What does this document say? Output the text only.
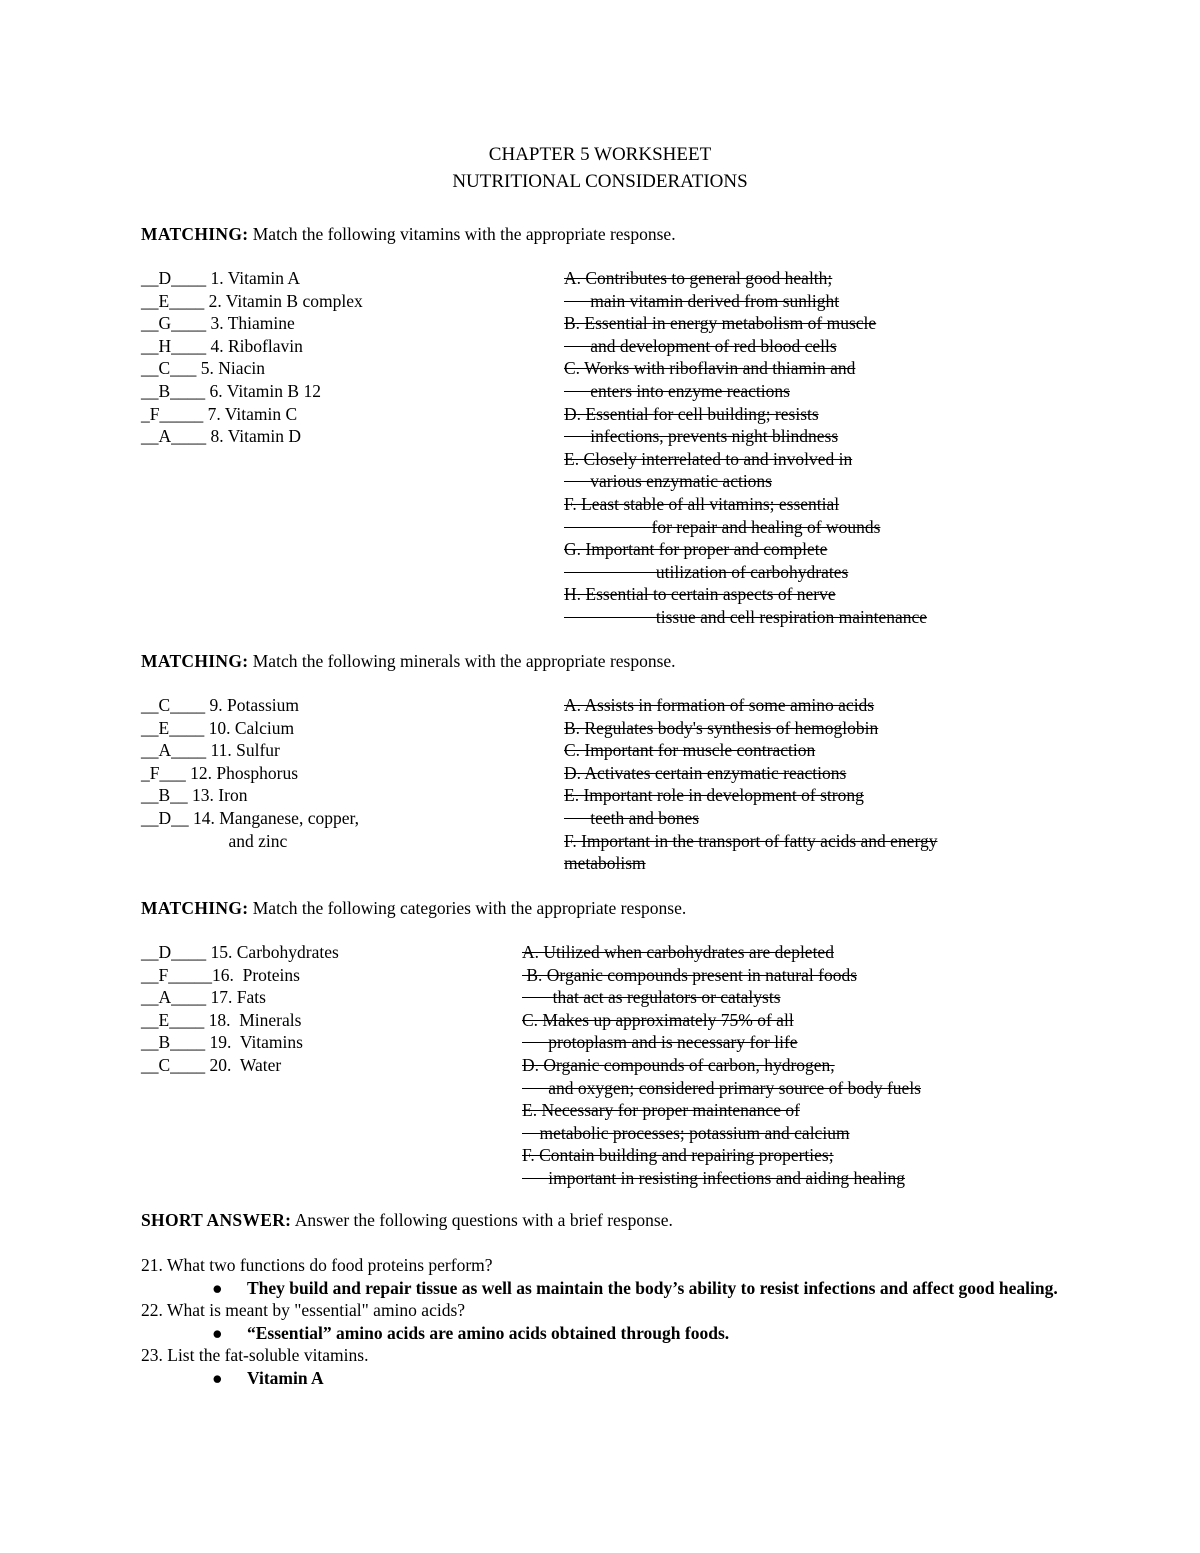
CHAPTER 5 WORKSHEET
NUTRITIONAL CONSIDERATIONS
MATCHING: Match the following vitamins with the appropriate response.
__D____ 1. Vitamin A
__E____ 2. Vitamin B complex
__G____ 3. Thiamine
__H____ 4. Riboflavin
__C___ 5. Niacin
__B____ 6. Vitamin B 12
_F_____ 7. Vitamin C
__A____ 8. Vitamin D
A. Contributes to general good health;
main vitamin derived from sunlight
B. Essential in energy metabolism of muscle
and development of red blood cells
C. Works with riboflavin and thiamin and
enters into enzyme reactions
D. Essential for cell building; resists
infections, prevents night blindness
E. Closely interrelated to and involved in
various enzymatic actions
F. Least stable of all vitamins; essential
for repair and healing of wounds
G. Important for proper and complete
utilization of carbohydrates
H. Essential to certain aspects of nerve
tissue and cell respiration maintenance
MATCHING: Match the following minerals with the appropriate response.
__C____ 9. Potassium
__E____ 10. Calcium
__A____ 11. Sulfur
_F___ 12. Phosphorus
__B__ 13. Iron
__D__ 14. Manganese, copper,
and zinc
A. Assists in formation of some amino acids
B. Regulates body's synthesis of hemoglobin
C. Important for muscle contraction
D. Activates certain enzymatic reactions
E. Important role in development of strong
teeth and bones
F. Important in the transport of fatty acids and energy
metabolism
MATCHING: Match the following categories with the appropriate response.
__D____ 15. Carbohydrates
__F_____16.  Proteins
__A____ 17. Fats
__E____ 18.  Minerals
__B____ 19.  Vitamins
__C____ 20.  Water
A. Utilized when carbohydrates are depleted
B. Organic compounds present in natural foods
that act as regulators or catalysts
C. Makes up approximately 75% of all
protoplasm and is necessary for life
D. Organic compounds of carbon, hydrogen,
and oxygen; considered primary source of body fuels
E. Necessary for proper maintenance of
metabolic processes; potassium and calcium
F. Contain building and repairing properties;
important in resisting infections and aiding healing
SHORT ANSWER: Answer the following questions with a brief response.
21. What two functions do food proteins perform?
● They build and repair tissue as well as maintain the body’s ability to resist infections and affect good healing.
22. What is meant by "essential" amino acids?
● “Essential” amino acids are amino acids obtained through foods.
23. List the fat-soluble vitamins.
● Vitamin A
